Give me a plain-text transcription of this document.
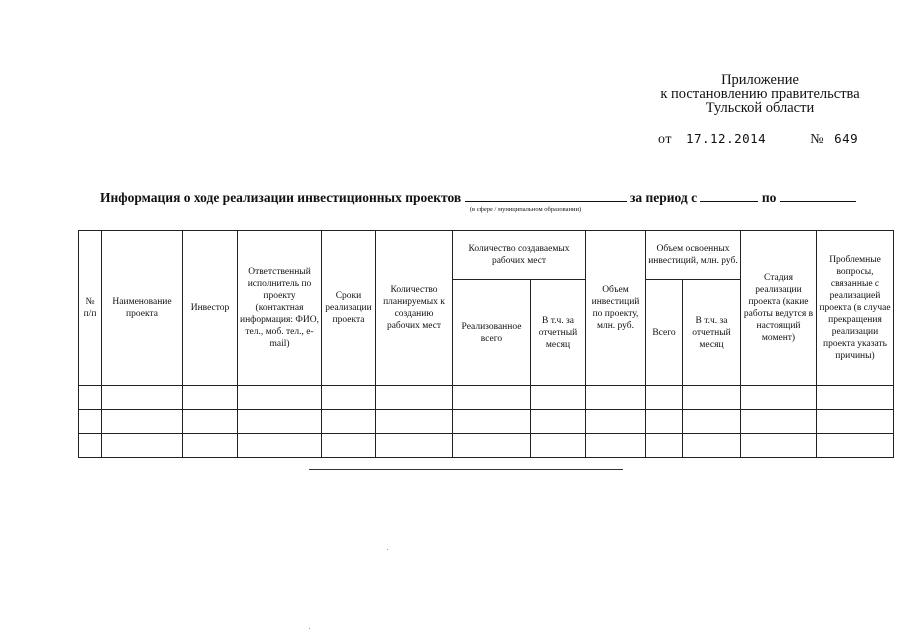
Приложение
к постановлению правительства
Тульской области
от 17.12.2014	№ 649
Информация о ходе реализации инвестиционных проектов	за период с	по
(в сфере / муниципальном образовании)
№ п/п	Наименование проекта	Инвестор	Ответственный исполнитель по проекту (контактная информация: ФИО, тел., моб. тел., e-mail)	Сроки реализации проекта	Количество планируемых к созданию рабочих мест	Количество создаваемых рабочих мест		Объем инвестиций по проекту, млн. руб.	Объем освоенных инвестиций, млн. руб.		Стадия реализации проекта (какие работы ведутся в настоящий момент)	Проблемные вопросы, связанные с реализацией проекта (в случае прекращения реализации проекта указать причины)
						Реализованное всего	В т.ч. за отчетный месяц		Всего	В т.ч. за отчетный месяц		
